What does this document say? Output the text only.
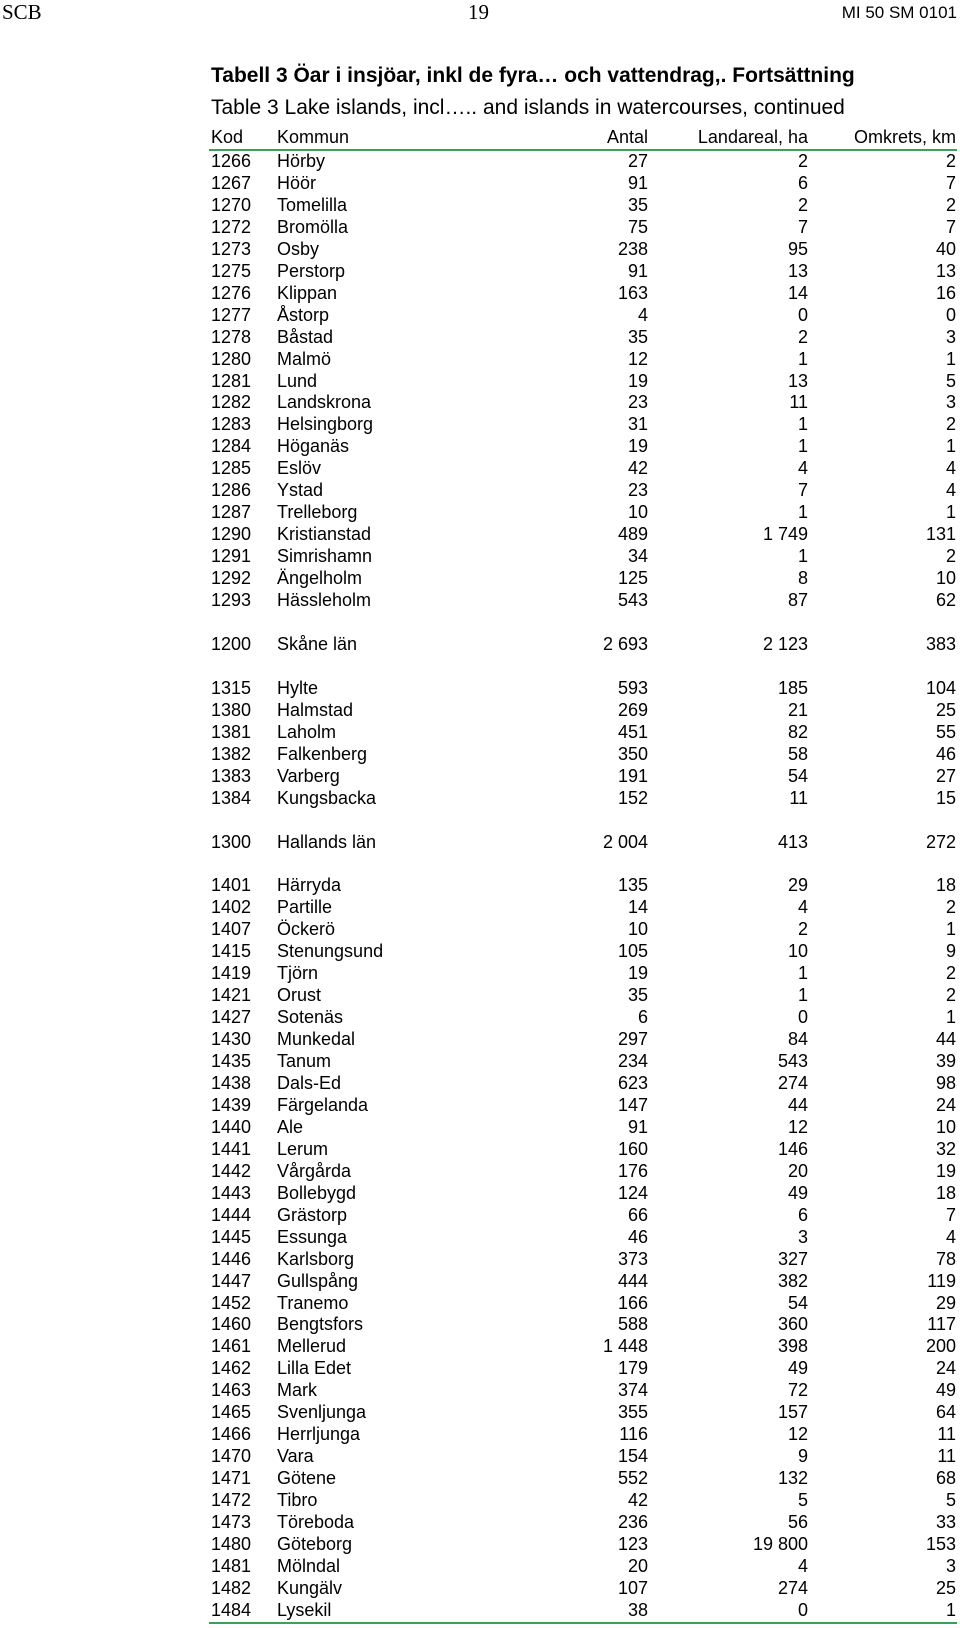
SCB	19	MI 50 SM 0101
Tabell 3 Öar i insjöar, inkl de fyra… och vattendrag,. Fortsättning
Table 3 Lake islands, incl….. and islands in watercourses, continued
Kod	Kommun	Antal	Landareal, ha	Omkrets, km
1266	Hörby	27	2	2
1267	Höör	91	6	7
1270	Tomelilla	35	2	2
1272	Bromölla	75	7	7
1273	Osby	238	95	40
1275	Perstorp	91	13	13
1276	Klippan	163	14	16
1277	Åstorp	4	0	0
1278	Båstad	35	2	3
1280	Malmö	12	1	1
1281	Lund	19	13	5
1282	Landskrona	23	11	3
1283	Helsingborg	31	1	2
1284	Höganäs	19	1	1
1285	Eslöv	42	4	4
1286	Ystad	23	7	4
1287	Trelleborg	10	1	1
1290	Kristianstad	489	1 749	131
1291	Simrishamn	34	1	2
1292	Ängelholm	125	8	10
1293	Hässleholm	543	87	62

1200	Skåne län	2 693	2 123	383

1315	Hylte	593	185	104
1380	Halmstad	269	21	25
1381	Laholm	451	82	55
1382	Falkenberg	350	58	46
1383	Varberg	191	54	27
1384	Kungsbacka	152	11	15

1300	Hallands län	2 004	413	272

1401	Härryda	135	29	18
1402	Partille	14	4	2
1407	Öckerö	10	2	1
1415	Stenungsund	105	10	9
1419	Tjörn	19	1	2
1421	Orust	35	1	2
1427	Sotenäs	6	0	1
1430	Munkedal	297	84	44
1435	Tanum	234	543	39
1438	Dals-Ed	623	274	98
1439	Färgelanda	147	44	24
1440	Ale	91	12	10
1441	Lerum	160	146	32
1442	Vårgårda	176	20	19
1443	Bollebygd	124	49	18
1444	Grästorp	66	6	7
1445	Essunga	46	3	4
1446	Karlsborg	373	327	78
1447	Gullspång	444	382	119
1452	Tranemo	166	54	29
1460	Bengtsfors	588	360	117
1461	Mellerud	1 448	398	200
1462	Lilla Edet	179	49	24
1463	Mark	374	72	49
1465	Svenljunga	355	157	64
1466	Herrljunga	116	12	11
1470	Vara	154	9	11
1471	Götene	552	132	68
1472	Tibro	42	5	5
1473	Töreboda	236	56	33
1480	Göteborg	123	19 800	153
1481	Mölndal	20	4	3
1482	Kungälv	107	274	25
1484	Lysekil	38	0	1
